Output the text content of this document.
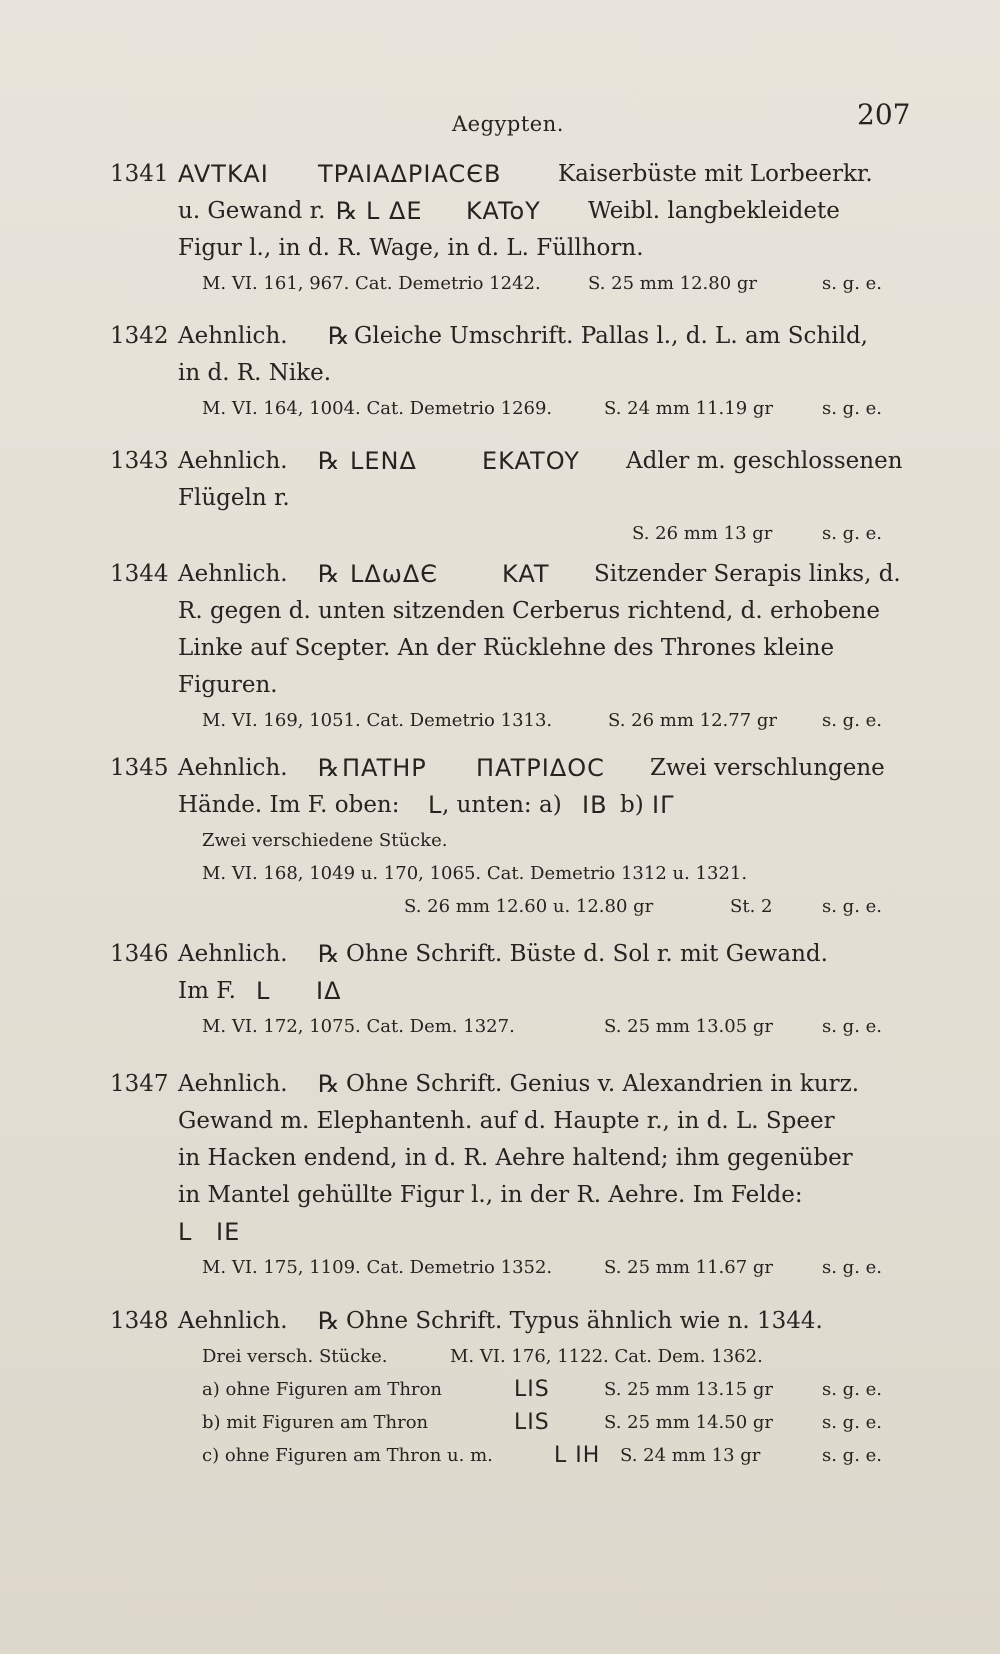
Aegypten.	207
1341 AVTKAI TPAIAΔPIACЄB Kaiserbüste mit Lorbeerkr.
u. Gewand r. ℞ L ΔE KAToY Weibl. langbekleidete
Figur l., in d. R. Wage, in d. L. Füllhorn.
M. VI. 161, 967. Cat. Demetrio 1242.	S. 25 mm 12.80 gr	s. g. e.
1342 Aehnlich. ℞ Gleiche Umschrift. Pallas l., d. L. am Schild,
in d. R. Nike.
M. VI. 164, 1004. Cat. Demetrio 1269.	S. 24 mm 11.19 gr	s. g. e.
1343 Aehnlich. ℞ LENΔ	EKATOY Adler m. geschlossenen
Flügeln r.
S. 26 mm 13 gr	s. g. e.
1344 Aehnlich. ℞ LΔωΔЄ	KAT Sitzender Serapis links, d.
R. gegen d. unten sitzenden Cerberus richtend, d. erhobene
Linke auf Scepter. An der Rücklehne des Thrones kleine
Figuren.
M. VI. 169, 1051. Cat. Demetrio 1313.	S. 26 mm 12.77 gr	s. g. e.
1345 Aehnlich. ℞ ΠATHP ΠATPIΔOC Zwei verschlungene
Hände. Im F. oben: L , unten: a) IB b) IΓ
Zwei verschiedene Stücke.
M. VI. 168, 1049 u. 170, 1065. Cat. Demetrio 1312 u. 1321.
S. 26 mm 12.60 u. 12.80 gr	St. 2	s. g. e.
1346 Aehnlich. ℞ Ohne Schrift. Büste d. Sol r. mit Gewand.
Im F. L IΔ
M. VI. 172, 1075. Cat. Dem. 1327.	S. 25 mm 13.05 gr	s. g. e.
1347 Aehnlich. ℞ Ohne Schrift. Genius v. Alexandrien in kurz.
Gewand m. Elephantenh. auf d. Haupte r., in d. L. Speer
in Hacken endend, in d. R. Aehre haltend; ihm gegenüber
in Mantel gehüllte Figur l., in der R. Aehre. Im Felde:
L IE
M. VI. 175, 1109. Cat. Demetrio 1352.	S. 25 mm 11.67 gr	s. g. e.
1348 Aehnlich. ℞ Ohne Schrift. Typus ähnlich wie n. 1344.
Drei versch. Stücke.	M. VI. 176, 1122. Cat. Dem. 1362.
a) ohne Figuren am Thron	LIS	S. 25 mm 13.15 gr	s. g. e.
b) mit Figuren am Thron	LIS	S. 25 mm 14.50 gr	s. g. e.
c) ohne Figuren am Thron u. m.	L IH S. 24 mm 13 gr	s. g. e.
